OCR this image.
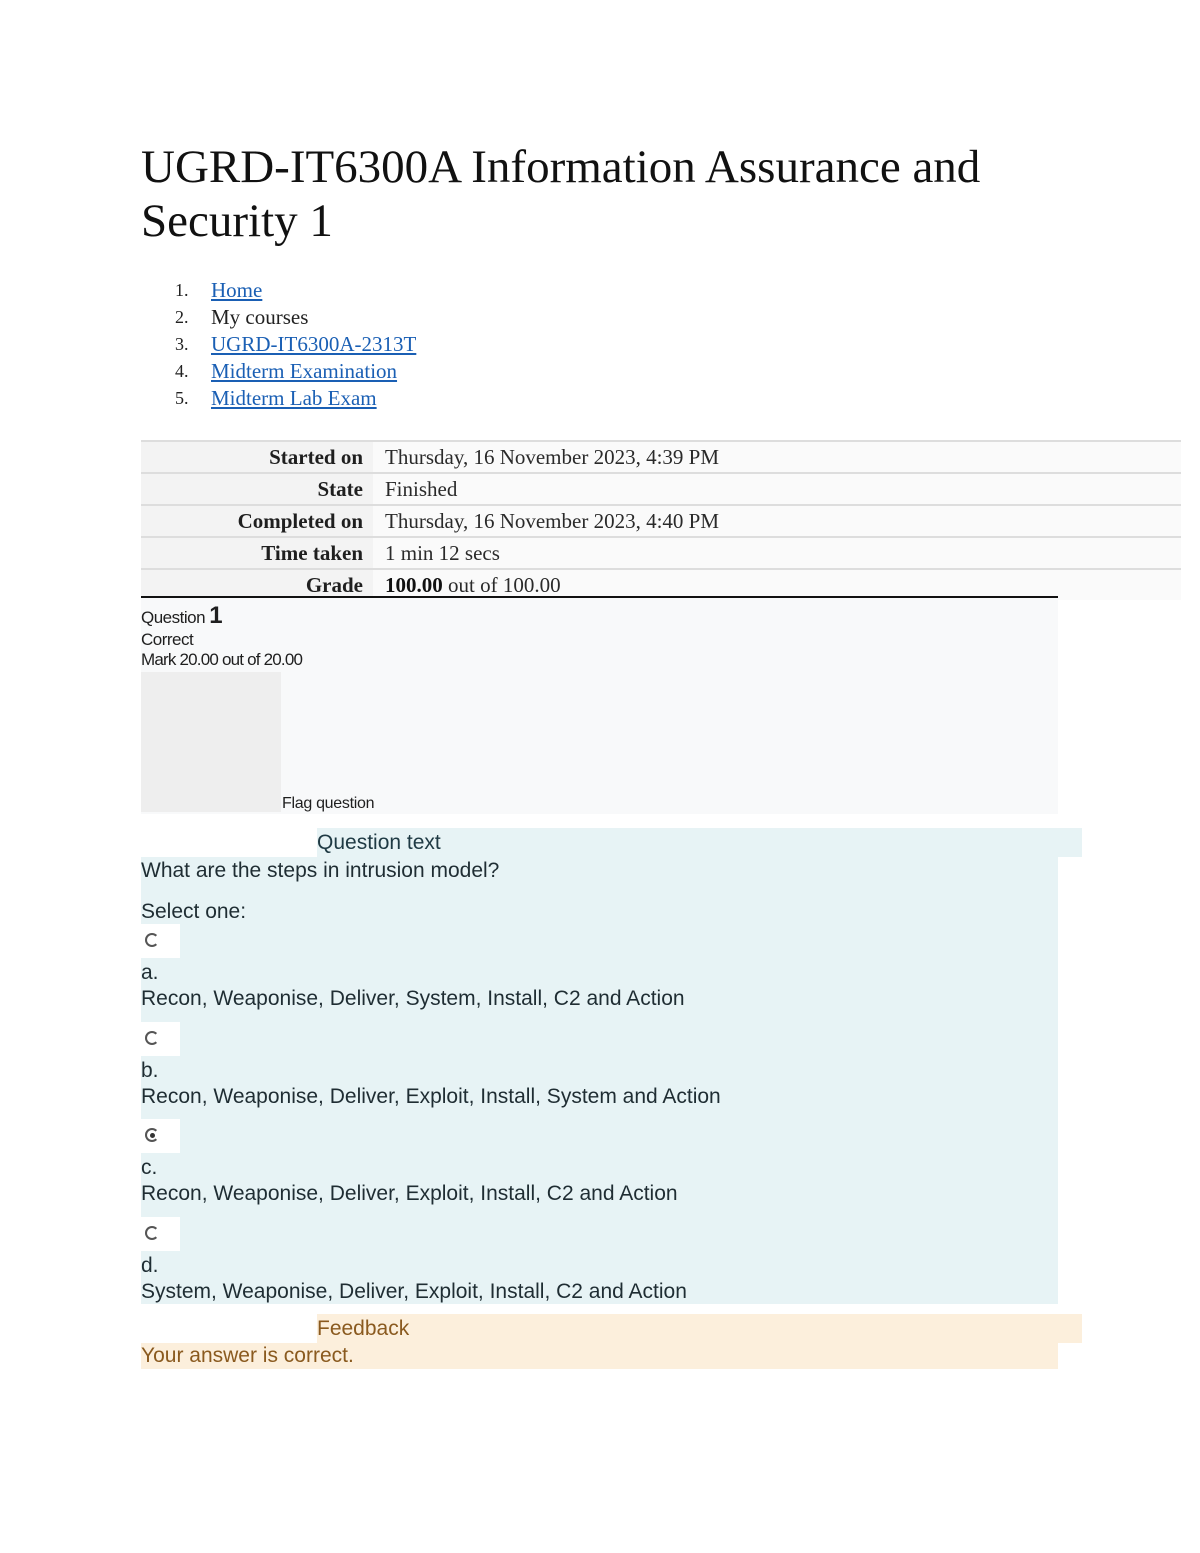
UGRD-IT6300A Information Assurance and Security 1
1. Home
2. My courses
3. UGRD-IT6300A-2313T
4. Midterm Examination
5. Midterm Lab Exam
Started on	Thursday, 16 November 2023, 4:39 PM
State	Finished
Completed on	Thursday, 16 November 2023, 4:40 PM
Time taken	1 min 12 secs
Grade	100.00 out of 100.00
Question 1
Correct
Mark 20.00 out of 20.00
Flag question
Question text
What are the steps in intrusion model?
Select one:
a.
Recon, Weaponise, Deliver, System, Install, C2 and Action
b.
Recon, Weaponise, Deliver, Exploit, Install, System and Action
c.
Recon, Weaponise, Deliver, Exploit, Install, C2 and Action
d.
System, Weaponise, Deliver, Exploit, Install, C2 and Action
Feedback
Your answer is correct.
